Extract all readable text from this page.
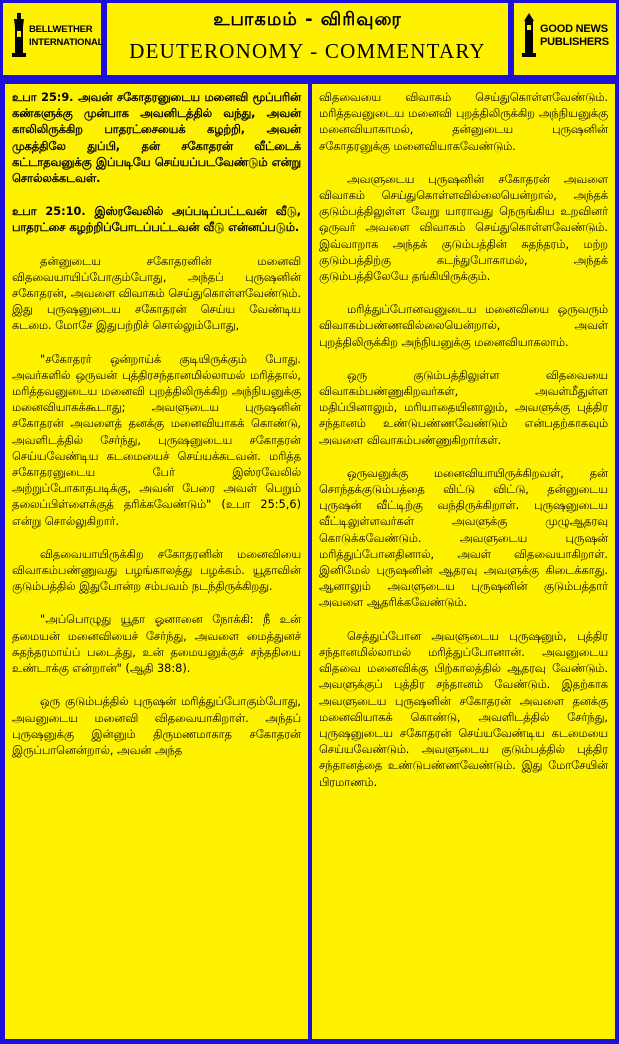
BELLWETHER
INTERNATIONAL
உபாகமம் - விரிவுரை
DEUTERONOMY - COMMENTARY
GOOD NEWS
PUBLISHERS

உபா 25:9. அவன் சகோதரனுடைய மனைவி மூப்பரின் கண்களுக்கு முன்பாக அவனிடத்தில் வந்து, அவன் காலிலிருக்கிற பாதரட்சையைக் கழற்றி, அவன் முகத்திலே துப்பி, தன் சகோதரன் வீட்டைக் கட்டாதவனுக்கு இப்படியே செய்யப்படவேண்டும் என்று சொல்லக்கடவள்.

உபா 25:10. இஸ்ரவேலில் அப்படிப்பட்டவன் வீடு, பாதரட்சை கழற்றிப்போடப்பட்டவன் வீடு என்னப்படும்.

தன்னுடைய சகோதரனின் மனைவி விதவையாயிப்போகும்போது, அந்தப் புருஷனின் சகோதரன், அவளை விவாகம் செய்துகொள்ளவேண்டும். இது புருஷனுடைய சகோதரன் செய்ய வேண்டிய கடமை. மோசே இதுபற்றிச் சொல்லும்போது,

"சகோதரர் ஒன்றாய்க் குடியிருக்கும் போது. அவர்களில் ஒருவன் புத்திரசந்தானமில்லாமல் மரித்தால், மரித்தவனுடைய மனைவி புறத்திலிருக்கிற அந்நியனுக்கு மனைவியாகக்கூடாது; அவளுடைய புருஷனின் சகோதரன் அவளைத் தனக்கு மனைவியாகக் கொண்டு, அவளிடத்தில் சேர்ந்து, புருஷனுடைய சகோதரன் செய்யவேண்டிய கடமையைச் செய்யக்கடவன். மரித்த சகோதரனுடைய பேர் இஸ்ரவேலில் அற்றுப்போகாதபடிக்கு, அவன் பேரை அவள் பெறும் தலைப்பிள்ளைக்குத் தரிக்கவேண்டும்" (உபா 25:5,6) என்று சொல்லுகிறார்.

விதவையாயிருக்கிற சகோதரனின் மனைவியை விவாகம்பண்ணுவது பழங்காலத்து பழக்கம். யூதாவின் குடும்பத்தில் இதுபோன்ற சம்பவம் நடந்திருக்கிறது.

"அப்பொழுது யூதா ஓனானை நோக்கி: நீ உன் தமையன் மனைவியைச் சேர்ந்து, அவளை மைத்துனச் சுதந்தரமாய்ப் படைத்து, உன் தமையனுக்குச் சந்ததியை உண்டாக்கு என்றான்" (ஆதி 38:8).

ஒரு குடும்பத்தில் புருஷன் மரித்துப்போகும்போது, அவனுடைய மனைவி விதவையாகிறாள். அந்தப் புருஷனுக்கு இன்னும் திருமணமாகாத சகோதரன் இருப்பானென்றால், அவன் அந்த

விதவையை விவாகம் செய்துகொள்ளவேண்டும். மரித்தவனுடைய மனைவி புறத்திலிருக்கிற அந்நியனுக்கு மனைவியாகாமல், தன்னுடைய புருஷனின் சகோதரனுக்கு மனைவியாகவேண்டும்.

அவளுடைய புருஷனின் சகோதரன் அவளை விவாகம் செய்துகொள்ளவில்லையென்றால், அந்தக் குடும்பத்திலுள்ள வேறு யாராவது நெருங்கிய உறவினர் ஒருவர் அவளை விவாகம் செய்துகொள்ளவேண்டும். இவ்வாறாக அந்தக் குடும்பத்தின் சுதந்தரம், மற்ற குடும்பத்திற்கு கடந்துபோகாமல், அந்தக் குடும்பத்திலேயே தங்கியிருக்கும்.

மரித்துப்போனவனுடைய மனைவியை ஒருவரும் விவாகம்பண்ணவில்லையென்றால், அவள் புறத்திலிருக்கிற அந்நியனுக்கு மனைவியாகலாம்.

ஒரு குடும்பத்திலுள்ள விதவையை விவாகம்பண்ணுகிறவர்கள், அவள்மீதுள்ள மதிப்பினாலும், மரியாதையினாலும், அவளுக்கு புத்திர சந்தானம் உண்டுபண்ணவேண்டும் என்பதற்காகவும் அவளை விவாகம்பண்ணுகிறார்கள்.

ஒருவனுக்கு மனைவியாயிருக்கிறவள், தன் சொந்தக்குடும்பத்தை விட்டு விட்டு, தன்னுடைய புருஷன் வீட்டிற்கு வந்திருக்கிறாள். புருஷனுடைய வீட்டிலுள்ளவர்கள் அவளுக்கு முழுஆதரவு கொடுக்கவேண்டும். அவளுடைய புருஷன் மரித்துப்போனதினால், அவள் விதவையாகிறாள். இனிமேல் புருஷனின் ஆதரவு அவளுக்கு கிடைக்காது. ஆனாலும் அவளுடைய புருஷனின் குடும்பத்தார் அவளை ஆதரிக்கவேண்டும்.

செத்துப்போன அவளுடைய புருஷனும், புத்திர சந்தானமில்லாமல் மரித்துப்போனான். அவனுடைய விதவை மனைவிக்கு பிற்காலத்தில் ஆதரவு வேண்டும். அவளுக்குப் புத்திர சந்தானம் வேண்டும். இதற்காக அவளுடைய புருஷனின் சகோதரன் அவளை தனக்கு மனைவியாகக் கொண்டு, அவளிடத்தில் சேர்ந்து, புருஷனுடைய சகோதரன் செய்யவேண்டிய கடமையை செய்யவேண்டும். அவளுடைய குடும்பத்தில் புத்திர சந்தானத்தை உண்டுபண்ணவேண்டும். இது மோசேயின் பிரமாணம்.
